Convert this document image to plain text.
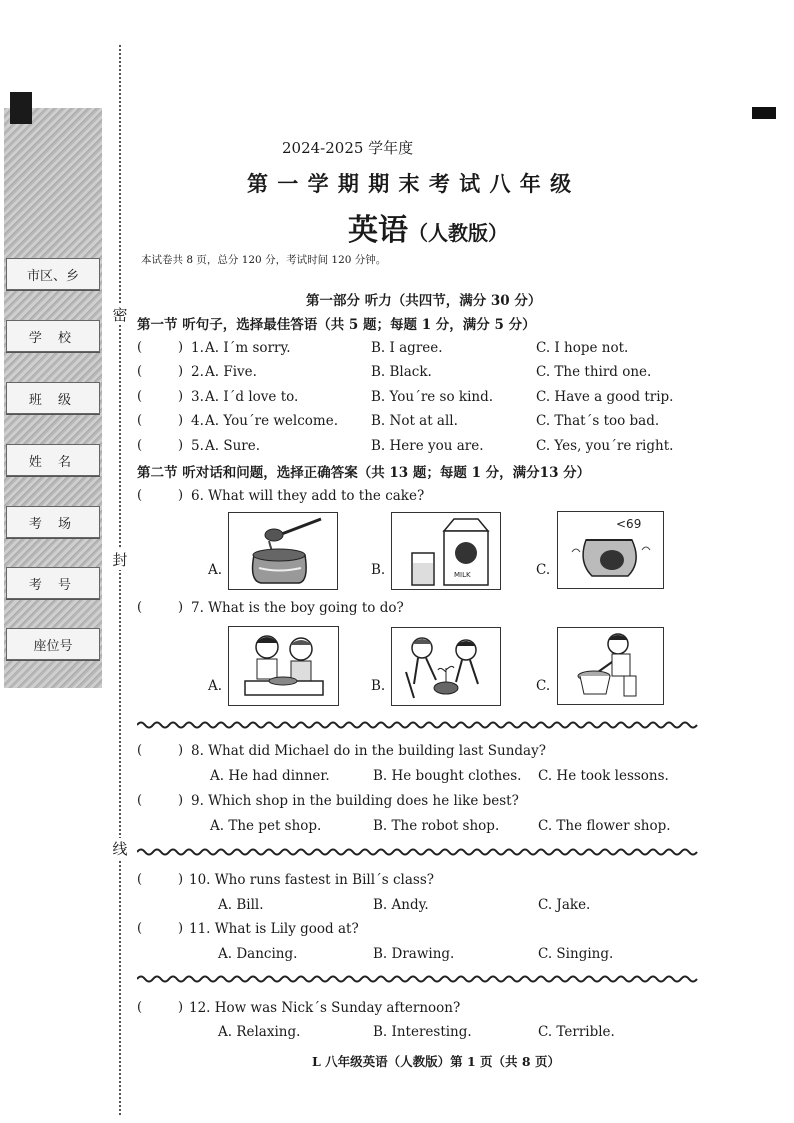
市区、乡
学 校
班 级
姓 名
考 场
考 号
座位号
密
封
线
2024-2025 学年度
第 一 学 期 期 末 考 试 八 年 级
英语（人教版）
本试卷共 8 页，总分 120 分，考试时间 120 分钟。
第一部分 听力（共四节，满分 30 分）
第一节 听句子，选择最佳答语（共 5 题；每题 1 分，满分 5 分）
(	) 1. A. I´m sorry.	B. I agree.	C. I hope not.
(	) 2. A. Five.	B. Black.	C. The third one.
(	) 3. A. I´d love to.	B. You´re so kind.	C. Have a good trip.
(	) 4. A. You´re welcome. B. Not at all.	C. That´s too bad.
(	) 5. A. Sure.	B. Here you are.	C. Yes, you´re right.
第二节 听对话和问题，选择正确答案（共 13 题；每题 1 分，满分13 分）
(	) 6. What will they add to the cake?
A.	B.	MILK	C.
<69
(	) 7. What is the boy going to do?
A.	B.	C.
(	) 8. What did Michael do in the building last Sunday?
A. He had dinner.	B. He bought clothes. C. He took lessons.
(	) 9. Which shop in the building does he like best?
A. The pet shop.	B. The robot shop.	C. The flower shop.
(	) 10. Who runs fastest in Bill´s class?
A. Bill.	B. Andy.	C. Jake.
(	) 11. What is Lily good at?
A. Dancing.	B. Drawing.	C. Singing.
(	) 12. How was Nick´s Sunday afternoon?
A. Relaxing.	B. Interesting.	C. Terrible.
L 八年级英语（人教版）第 1 页（共 8 页）
